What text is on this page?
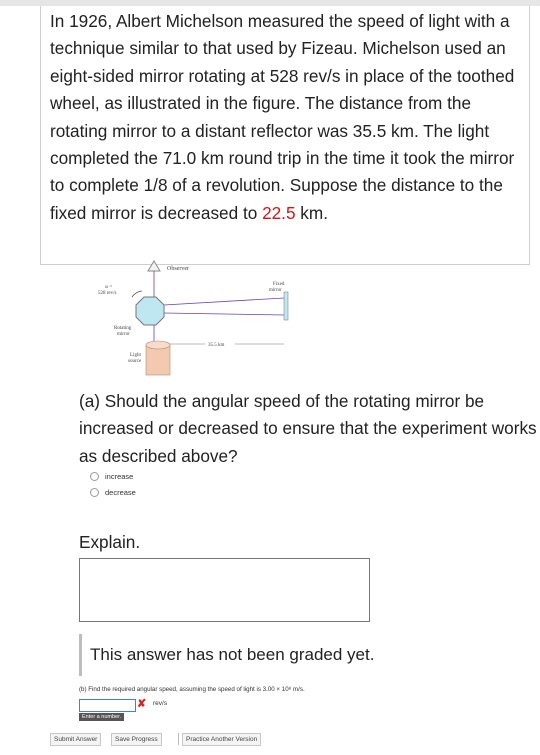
In 1926, Albert Michelson measured the speed of light with a technique similar to that used by Fizeau. Michelson used an eight-sided mirror rotating at 528 rev/s in place of the toothed wheel, as illustrated in the figure. The distance from the rotating mirror to a distant reflector was 35.5 km. The light completed the 71.0 km round trip in the time it took the mirror to complete 1/8 of a revolution. Suppose the distance to the fixed mirror is decreased to 22.5 km.
Observer
ω =
528 rev/s
Fixed
mirror
Rotating
mirror
35.5 km
Light
source
(a) Should the angular speed of the rotating mirror be increased or decreased to ensure that the experiment works as described above?
increase
decrease
Explain.
This answer has not been graded yet.
(b) Find the required angular speed, assuming the speed of light is 3.00 × 10⁸ m/s.
✘ rev/s
Enter a number.
Submit Answer	Save Progress	Practice Another Version
